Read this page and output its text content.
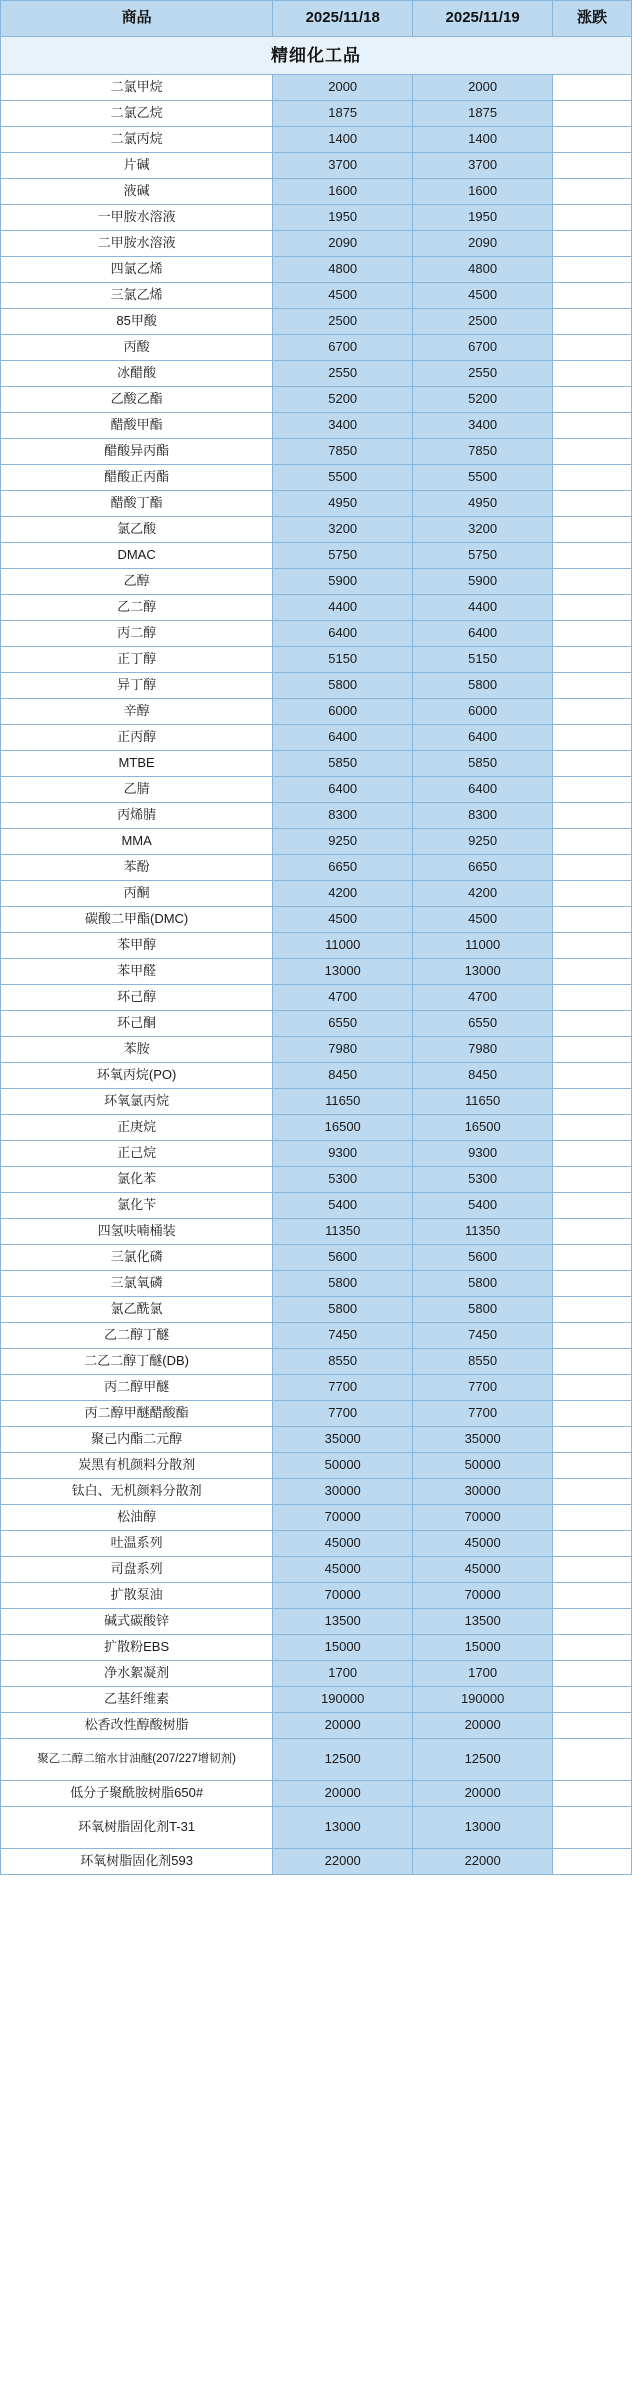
商品	2025/11/18	2025/11/19	涨跌
精细化工品			
二氯甲烷	2000	2000	
二氯乙烷	1875	1875	
二氯丙烷	1400	1400	
片碱	3700	3700	
液碱	1600	1600	
一甲胺水溶液	1950	1950	
二甲胺水溶液	2090	2090	
四氯乙烯	4800	4800	
三氯乙烯	4500	4500	
85甲酸	2500	2500	
丙酸	6700	6700	
冰醋酸	2550	2550	
乙酸乙酯	5200	5200	
醋酸甲酯	3400	3400	
醋酸异丙酯	7850	7850	
醋酸正丙酯	5500	5500	
醋酸丁酯	4950	4950	
氯乙酸	3200	3200	
DMAC	5750	5750	
乙醇	5900	5900	
乙二醇	4400	4400	
丙二醇	6400	6400	
正丁醇	5150	5150	
异丁醇	5800	5800	
辛醇	6000	6000	
正丙醇	6400	6400	
MTBE	5850	5850	
乙腈	6400	6400	
丙烯腈	8300	8300	
MMA	9250	9250	
苯酚	6650	6650	
丙酮	4200	4200	
碳酸二甲酯(DMC)	4500	4500	
苯甲醇	11000	11000	
苯甲醛	13000	13000	
环己醇	4700	4700	
环己酮	6550	6550	
苯胺	7980	7980	
环氧丙烷(PO)	8450	8450	
环氧氯丙烷	11650	11650	
正庚烷	16500	16500	
正己烷	9300	9300	
氯化苯	5300	5300	
氯化苄	5400	5400	
四氢呋喃桶装	11350	11350	
三氯化磷	5600	5600	
三氯氧磷	5800	5800	
氯乙酰氯	5800	5800	
乙二醇丁醚	7450	7450	
二乙二醇丁醚(DB)	8550	8550	
丙二醇甲醚	7700	7700	
丙二醇甲醚醋酸酯	7700	7700	
聚己内酯二元醇	35000	35000	
炭黑有机颜料分散剂	50000	50000	
钛白、无机颜料分散剂	30000	30000	
松油醇	70000	70000	
吐温系列	45000	45000	
司盘系列	45000	45000	
扩散泵油	70000	70000	
碱式碳酸锌	13500	13500	
扩散粉EBS	15000	15000	
净水絮凝剂	1700	1700	
乙基纤维素	190000	190000	
松香改性醇酸树脂	20000	20000	
聚乙二醇二缩水甘油醚(207/227增韧剂)	12500	12500	
低分子聚酰胺树脂650#	20000	20000	
环氧树脂固化剂T-31	13000	13000	
环氧树脂固化剂593	22000	22000	
